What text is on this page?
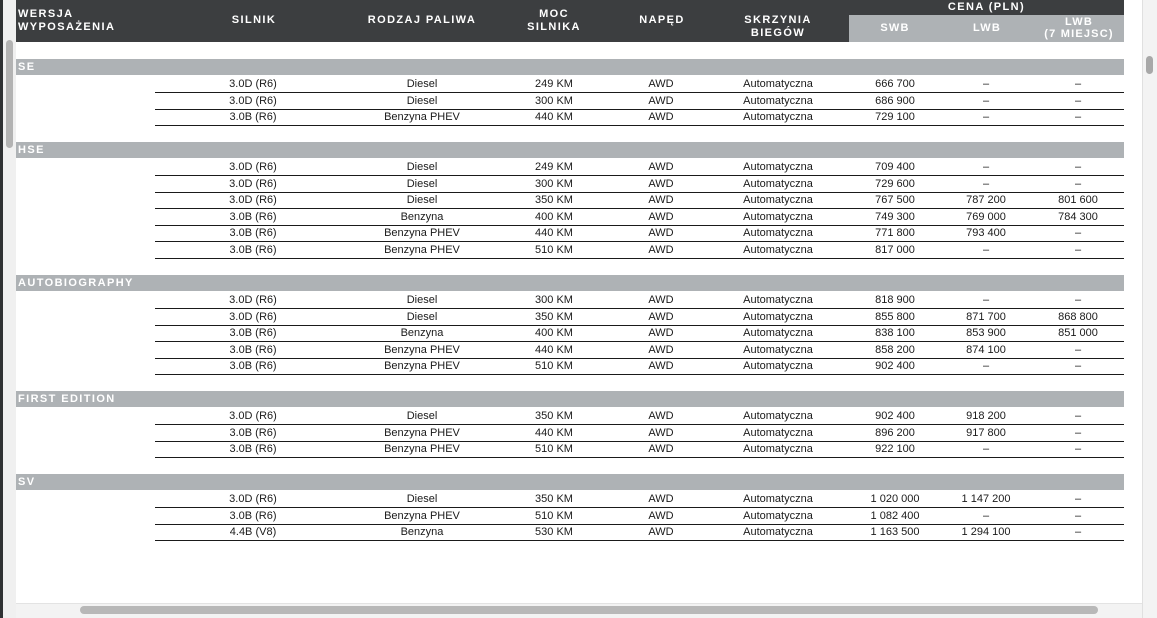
WERSJA
WYPOSAŻENIA
SILNIK	RODZAJ PALIWA	MOC
SILNIKA
NAPĘD	SKRZYNIA BIEGÓW
CENA (PLN)
SWB	LWB	LWB
(7 MIEJSC)
SE
3.0D (R6)	Diesel	249 KM	AWD	Automatyczna	666 700	–	–
3.0D (R6)	Diesel	300 KM	AWD	Automatyczna	686 900	–	–
3.0B (R6)	Benzyna PHEV	440 KM	AWD	Automatyczna	729 100	–	–
HSE
3.0D (R6)	Diesel	249 KM	AWD	Automatyczna	709 400	–	–
3.0D (R6)	Diesel	300 KM	AWD	Automatyczna	729 600	–	–
3.0D (R6)	Diesel	350 KM	AWD	Automatyczna	767 500	787 200	801 600
3.0B (R6)	Benzyna	400 KM	AWD	Automatyczna	749 300	769 000	784 300
3.0B (R6)	Benzyna PHEV	440 KM	AWD	Automatyczna	771 800	793 400	–
3.0B (R6)	Benzyna PHEV	510 KM	AWD	Automatyczna	817 000	–	–
AUTOBIOGRAPHY
3.0D (R6)	Diesel	300 KM	AWD	Automatyczna	818 900	–	–
3.0D (R6)	Diesel	350 KM	AWD	Automatyczna	855 800	871 700	868 800
3.0B (R6)	Benzyna	400 KM	AWD	Automatyczna	838 100	853 900	851 000
3.0B (R6)	Benzyna PHEV	440 KM	AWD	Automatyczna	858 200	874 100	–
3.0B (R6)	Benzyna PHEV	510 KM	AWD	Automatyczna	902 400	–	–
FIRST EDITION
3.0D (R6)	Diesel	350 KM	AWD	Automatyczna	902 400	918 200	–
3.0B (R6)	Benzyna PHEV	440 KM	AWD	Automatyczna	896 200	917 800	–
3.0B (R6)	Benzyna PHEV	510 KM	AWD	Automatyczna	922 100	–	–
SV
3.0D (R6)	Diesel	350 KM	AWD	Automatyczna	1 020 000	1 147 200	–
3.0B (R6)	Benzyna PHEV	510 KM	AWD	Automatyczna	1 082 400	–	–
4.4B (V8)	Benzyna	530 KM	AWD	Automatyczna	1 163 500	1 294 100	–
